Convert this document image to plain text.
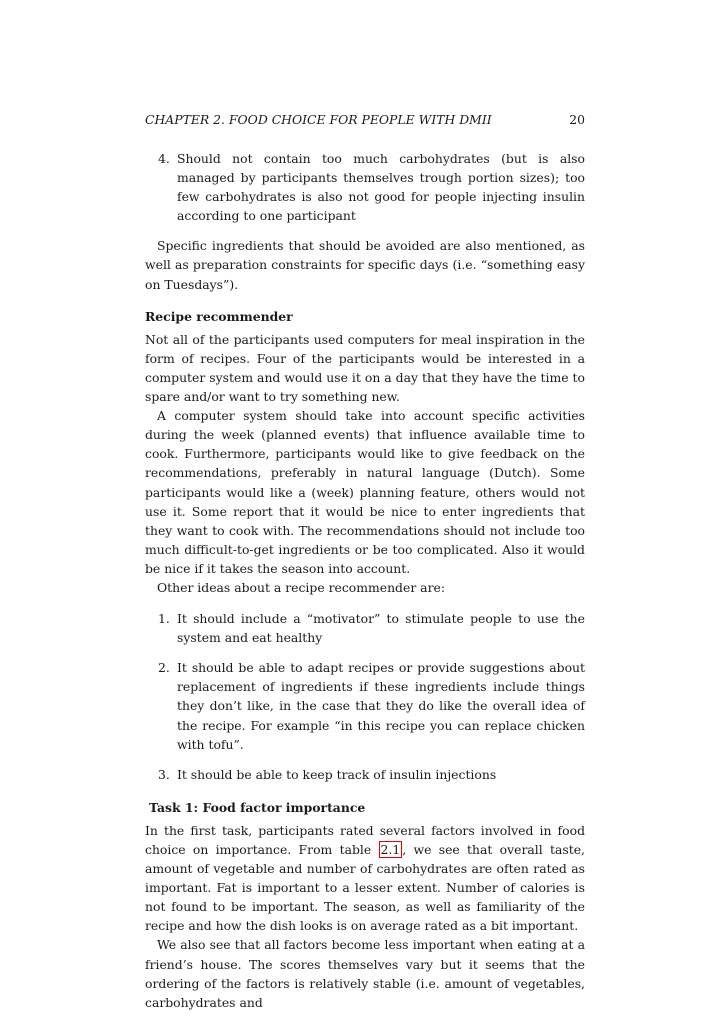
CHAPTER 2. FOOD CHOICE FOR PEOPLE WITH DMII	20
4. Should not contain too much carbohydrates (but is also managed by participants themselves trough portion sizes); too few carbohydrates is also not good for people injecting insulin according to one participant

Specific ingredients that should be avoided are also mentioned, as well as preparation constraints for specific days (i.e. “something easy on Tuesdays”).

Recipe recommender

Not all of the participants used computers for meal inspiration in the form of recipes. Four of the participants would be interested in a computer system and would use it on a day that they have the time to spare and/or want to try something new.

A computer system should take into account specific activities during the week (planned events) that influence available time to cook. Furthermore, participants would like to give feedback on the recommendations, preferably in natural language (Dutch). Some participants would like a (week) planning feature, others would not use it. Some report that it would be nice to enter ingredients that they want to cook with. The recommendations should not include too much difficult-to-get ingredients or be too complicated. Also it would be nice if it takes the season into account.

Other ideas about a recipe recommender are:

1. It should include a “motivator” to stimulate people to use the system and eat healthy
2. It should be able to adapt recipes or provide suggestions about replacement of ingredients if these ingredients include things they don’t like, in the case that they do like the overall idea of the recipe. For example “in this recipe you can replace chicken with tofu”.
3. It should be able to keep track of insulin injections

Task 1: Food factor importance

In the first task, participants rated several factors involved in food choice on importance. From table 2.1 , we see that overall taste, amount of vegetable and number of carbohydrates are often rated as important. Fat is important to a lesser extent. Number of calories is not found to be important. The season, as well as familiarity of the recipe and how the dish looks is on average rated as a bit important.

We also see that all factors become less important when eating at a friend’s house. The scores themselves vary but it seems that the ordering of the factors is relatively stable (i.e. amount of vegetables, carbohydrates and
